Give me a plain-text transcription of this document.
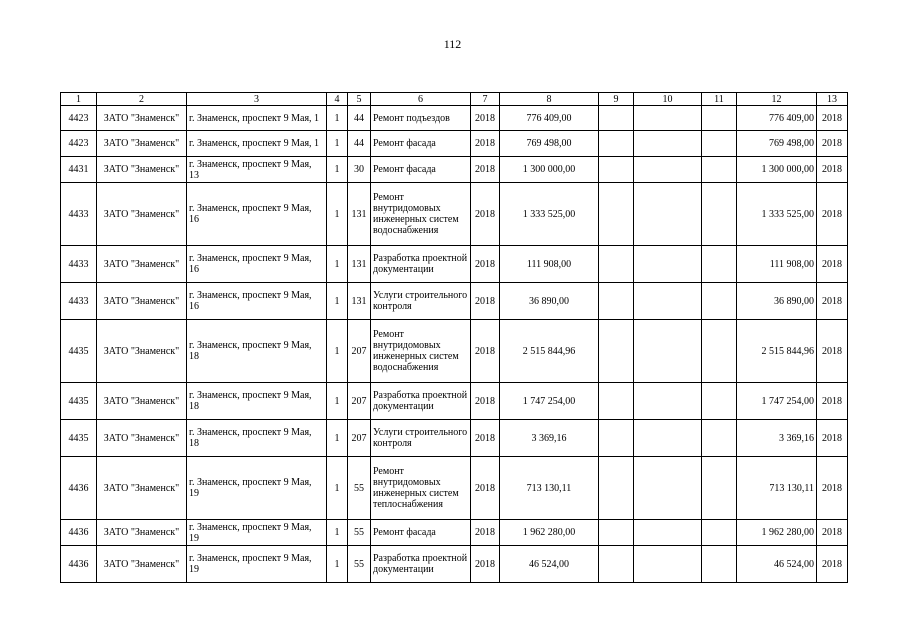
112
1	2	3	4	5	6	7	8	9	10	11	12	13
4423	ЗАТО "Знаменск"	г. Знаменск, проспект 9 Мая, 1	1	44	Ремонт подъездов	2018	776 409,00				776 409,00	2018
4423	ЗАТО "Знаменск"	г. Знаменск, проспект 9 Мая, 1	1	44	Ремонт фасада	2018	769 498,00				769 498,00	2018
4431	ЗАТО "Знаменск"	г. Знаменск, проспект 9 Мая, 13	1	30	Ремонт фасада	2018	1 300 000,00				1 300 000,00	2018
4433	ЗАТО "Знаменск"	г. Знаменск, проспект 9 Мая, 16	1	131	Ремонт внутридомовых инженерных систем водоснабжения	2018	1 333 525,00				1 333 525,00	2018
4433	ЗАТО "Знаменск"	г. Знаменск, проспект 9 Мая, 16	1	131	Разработка проектной документации	2018	111 908,00				111 908,00	2018
4433	ЗАТО "Знаменск"	г. Знаменск, проспект 9 Мая, 16	1	131	Услуги строительного контроля	2018	36 890,00				36 890,00	2018
4435	ЗАТО "Знаменск"	г. Знаменск, проспект 9 Мая, 18	1	207	Ремонт внутридомовых инженерных систем водоснабжения	2018	2 515 844,96				2 515 844,96	2018
4435	ЗАТО "Знаменск"	г. Знаменск, проспект 9 Мая, 18	1	207	Разработка проектной документации	2018	1 747 254,00				1 747 254,00	2018
4435	ЗАТО "Знаменск"	г. Знаменск, проспект 9 Мая, 18	1	207	Услуги строительного контроля	2018	3 369,16				3 369,16	2018
4436	ЗАТО "Знаменск"	г. Знаменск, проспект 9 Мая, 19	1	55	Ремонт внутридомовых инженерных систем теплоснабжения	2018	713 130,11				713 130,11	2018
4436	ЗАТО "Знаменск"	г. Знаменск, проспект 9 Мая, 19	1	55	Ремонт фасада	2018	1 962 280,00				1 962 280,00	2018
4436	ЗАТО "Знаменск"	г. Знаменск, проспект 9 Мая, 19	1	55	Разработка проектной документации	2018	46 524,00				46 524,00	2018
